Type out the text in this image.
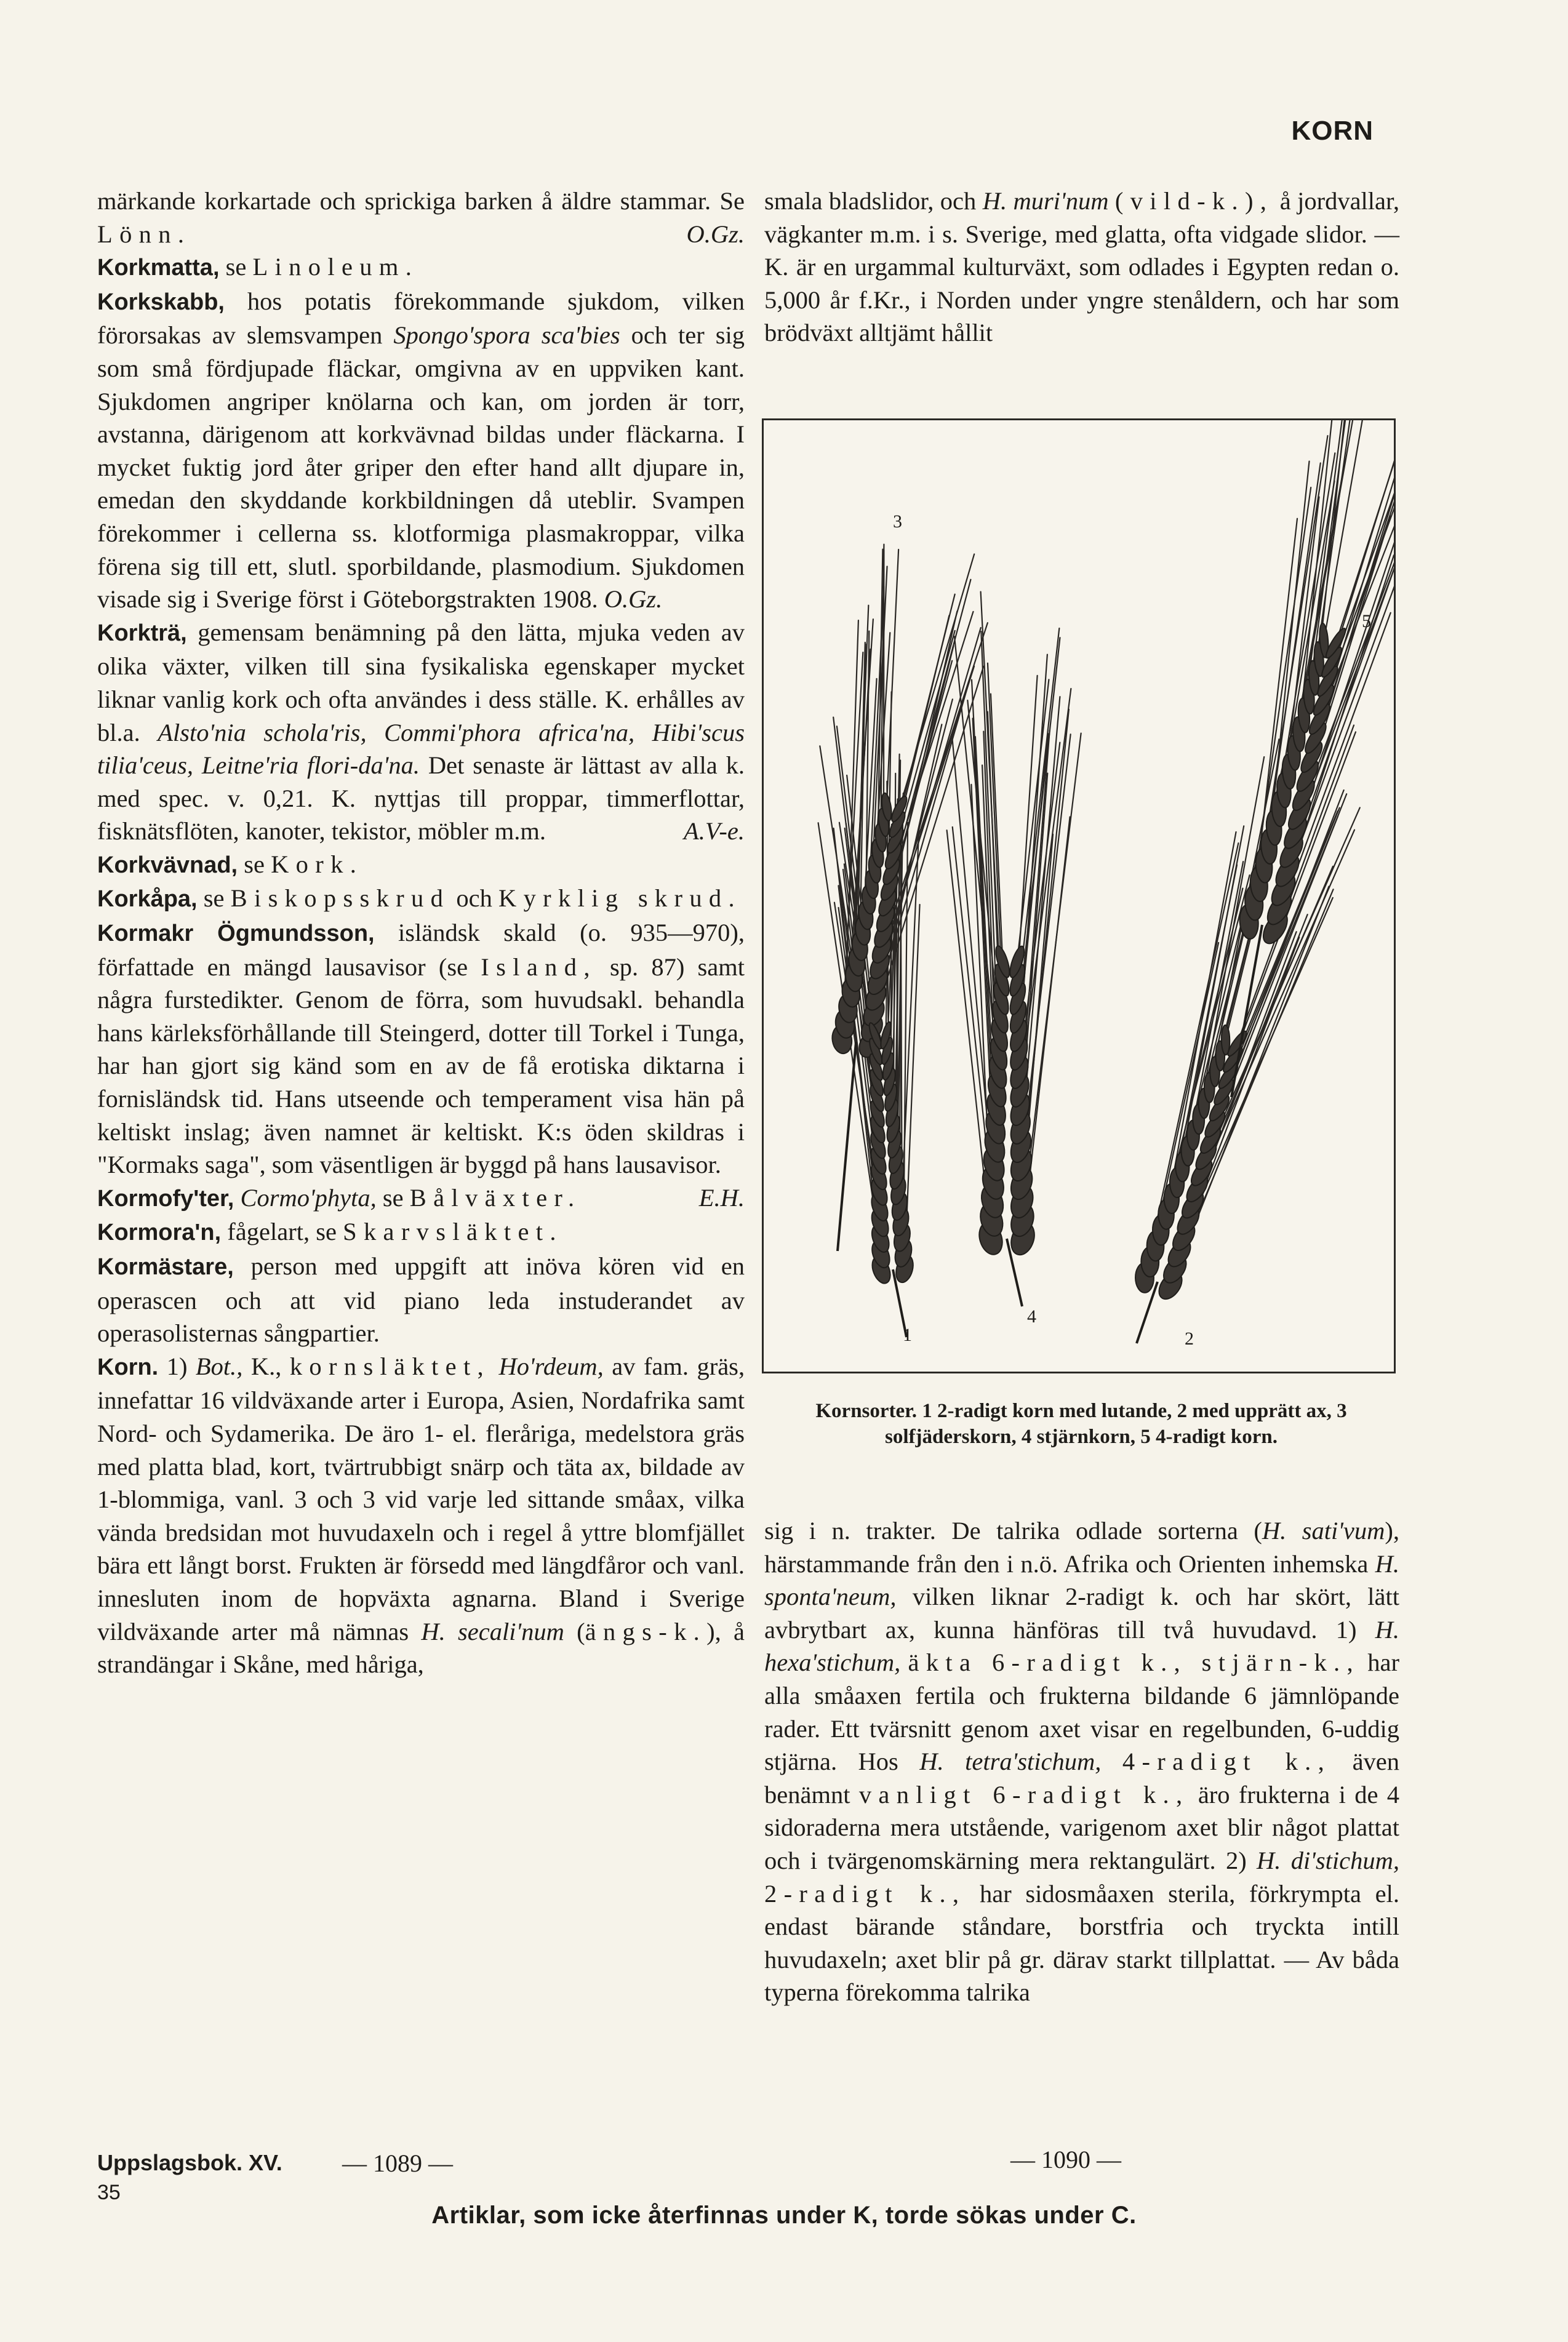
KORN

märkande korkartade och sprickiga barken å äldre stammar. Se Lönn.	O.Gz.

Korkmatta, se Linoleum.

Korkskabb, hos potatis förekommande sjukdom, vilken förorsakas av slemsvampen Spongo'spora sca'bies och ter sig som små fördjupade fläckar, omgivna av en uppviken kant. Sjukdomen angriper knölarna och kan, om jorden är torr, avstanna, därigenom att korkvävnad bildas under fläckarna. I mycket fuktig jord åter griper den efter hand allt djupare in, emedan den skyddande korkbildningen då uteblir. Svampen förekommer i cellerna ss. klotformiga plasmakroppar, vilka förena sig till ett, slutl. sporbildande, plasmodium. Sjukdomen visade sig i Sverige först i Göteborgstrakten 1908. O.Gz.

Korkträ, gemensam benämning på den lätta, mjuka veden av olika växter, vilken till sina fysikaliska egenskaper mycket liknar vanlig kork och ofta användes i dess ställe. K. erhålles av bl.a. Alsto'nia schola'ris, Commi'phora africa'na, Hibi'scus tilia'ceus, Leitne'ria flori-da'na. Det senaste är lättast av alla k. med spec. v. 0,21. K. nyttjas till proppar, timmerflottar, fisknätsflöten, kanoter, tekistor, möbler m.m.	A.V-e.

Korkvävnad, se Kork.

Korkåpa, se Biskopsskrud och Kyrklig skrud.

Kormakr Ögmundsson, isländsk skald (o. 935—970), författade en mängd lausavisor (se Island, sp. 87) samt några furstedikter. Genom de förra, som huvudsakl. behandla hans kärleksförhållande till Steingerd, dotter till Torkel i Tunga, har han gjort sig känd som en av de få erotiska diktarna i fornisländsk tid. Hans utseende och temperament visa hän på keltiskt inslag; även namnet är keltiskt. K:s öden skildras i "Kormaks saga", som väsentligen är byggd på hans lausavisor.
E.H.

Kormofy'ter, Cormo'phyta, se Bålväxter.

Kormora'n, fågelart, se Skarvsläktet.

Kormästare, person med uppgift att inöva kören vid en operascen och att vid piano leda instuderandet av operasolisternas sångpartier.

Korn. 1) Bot., K., kornsläktet, Ho'rdeum, av fam. gräs, innefattar 16 vildväxande arter i Europa, Asien, Nordafrika samt Nord- och Sydamerika. De äro 1- el. fleråriga, medelstora gräs med platta blad, kort, tvärtrubbigt snärp och täta ax, bildade av 1-blommiga, vanl. 3 och 3 vid varje led sittande småax, vilka vända bredsidan mot huvudaxeln och i regel å yttre blomfjället bära ett långt borst. Frukten är försedd med längdfåror och vanl. innesluten inom de hopväxta agnarna. Bland i Sverige vildväxande arter må nämnas H. secali'num (ängs-k.), å strandängar i Skåne, med håriga,

smala bladslidor, och H. muri'num (vild-k.), å jordvallar, vägkanter m.m. i s. Sverige, med glatta, ofta vidgade slidor. — K. är en urgammal kulturväxt, som odlades i Egypten redan o. 5,000 år f.Kr., i Norden under yngre stenåldern, och har som brödväxt alltjämt hållit

3
5
1
4
2
Kornsorter. 1 2-radigt korn med lutande, 2 med upprätt ax, 3 solfjäderskorn, 4 stjärnkorn, 5 4-radigt korn.

sig i n. trakter. De talrika odlade sorterna (H. sati'vum), härstammande från den i n.ö. Afrika och Orienten inhemska H. sponta'neum, vilken liknar 2-radigt k. och har skört, lätt avbrytbart ax, kunna hänföras till två huvudavd. 1) H. hexa'stichum, äkta 6-radigt k., stjärn-k., har alla småaxen fertila och frukterna bildande 6 jämnlöpande rader. Ett tvärsnitt genom axet visar en regelbunden, 6-uddig stjärna. Hos H. tetra'stichum, 4-radigt k., även benämnt vanligt 6-radigt k., äro frukterna i de 4 sidoraderna mera utstående, varigenom axet blir något plattat och i tvärgenomskärning mera rektangulärt. 2) H. di'stichum, 2-radigt k., har sidosmåaxen sterila, förkrympta el. endast bärande ståndare, borstfria och tryckta intill huvudaxeln; axet blir på gr. därav starkt tillplattat. — Av båda typerna förekomma talrika

Uppslagsbok. XV.
35
— 1089 —	— 1090 —
Artiklar, som icke återfinnas under K, torde sökas under C.
